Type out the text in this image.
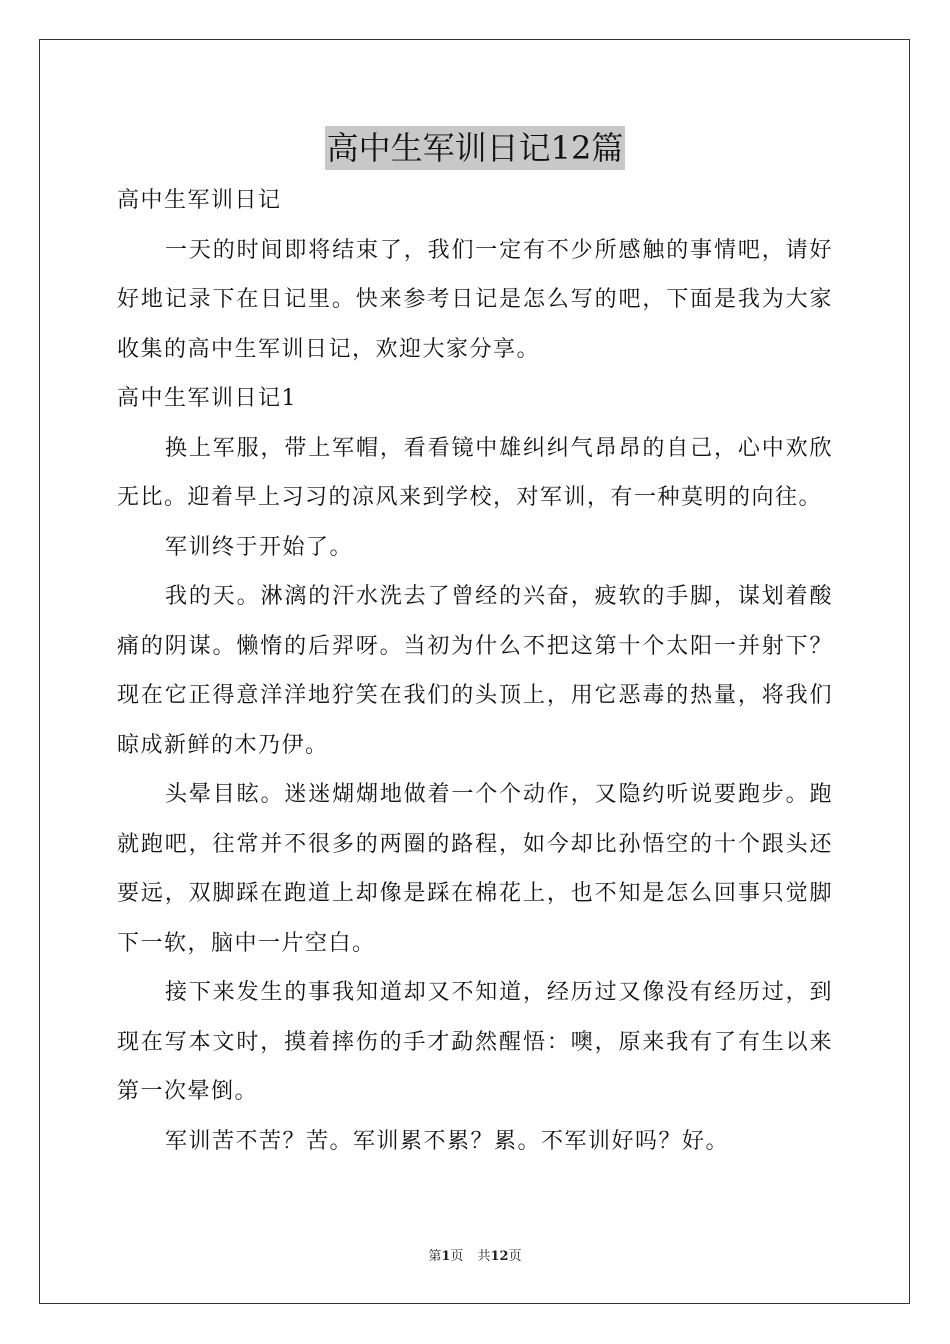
高中生军训日记12篇

高中生军训日记

一天的时间即将结束了，我们一定有不少所感触的事情吧，请好好地记录下在日记里。快来参考日记是怎么写的吧，下面是我为大家收集的高中生军训日记，欢迎大家分享。

高中生军训日记1

换上军服，带上军帽，看看镜中雄纠纠气昂昂的自己，心中欢欣无比。迎着早上习习的凉风来到学校，对军训，有一种莫明的向往。

军训终于开始了。

我的天。淋漓的汗水洗去了曾经的兴奋，疲软的手脚，谋划着酸痛的阴谋。懒惰的后羿呀。当初为什么不把这第十个太阳一并射下？现在它正得意洋洋地狞笑在我们的头顶上，用它恶毒的热量，将我们晾成新鲜的木乃伊。

头晕目眩。迷迷煳煳地做着一个个动作，又隐约听说要跑步。跑就跑吧，往常并不很多的两圈的路程，如今却比孙悟空的十个跟头还要远，双脚踩在跑道上却像是踩在棉花上，也不知是怎么回事只觉脚下一软，脑中一片空白。

接下来发生的事我知道却又不知道，经历过又像没有经历过，到现在写本文时，摸着摔伤的手才勐然醒悟：噢，原来我有了有生以来第一次晕倒。

军训苦不苦？苦。军训累不累？累。不军训好吗？好。

第1页 共12页
